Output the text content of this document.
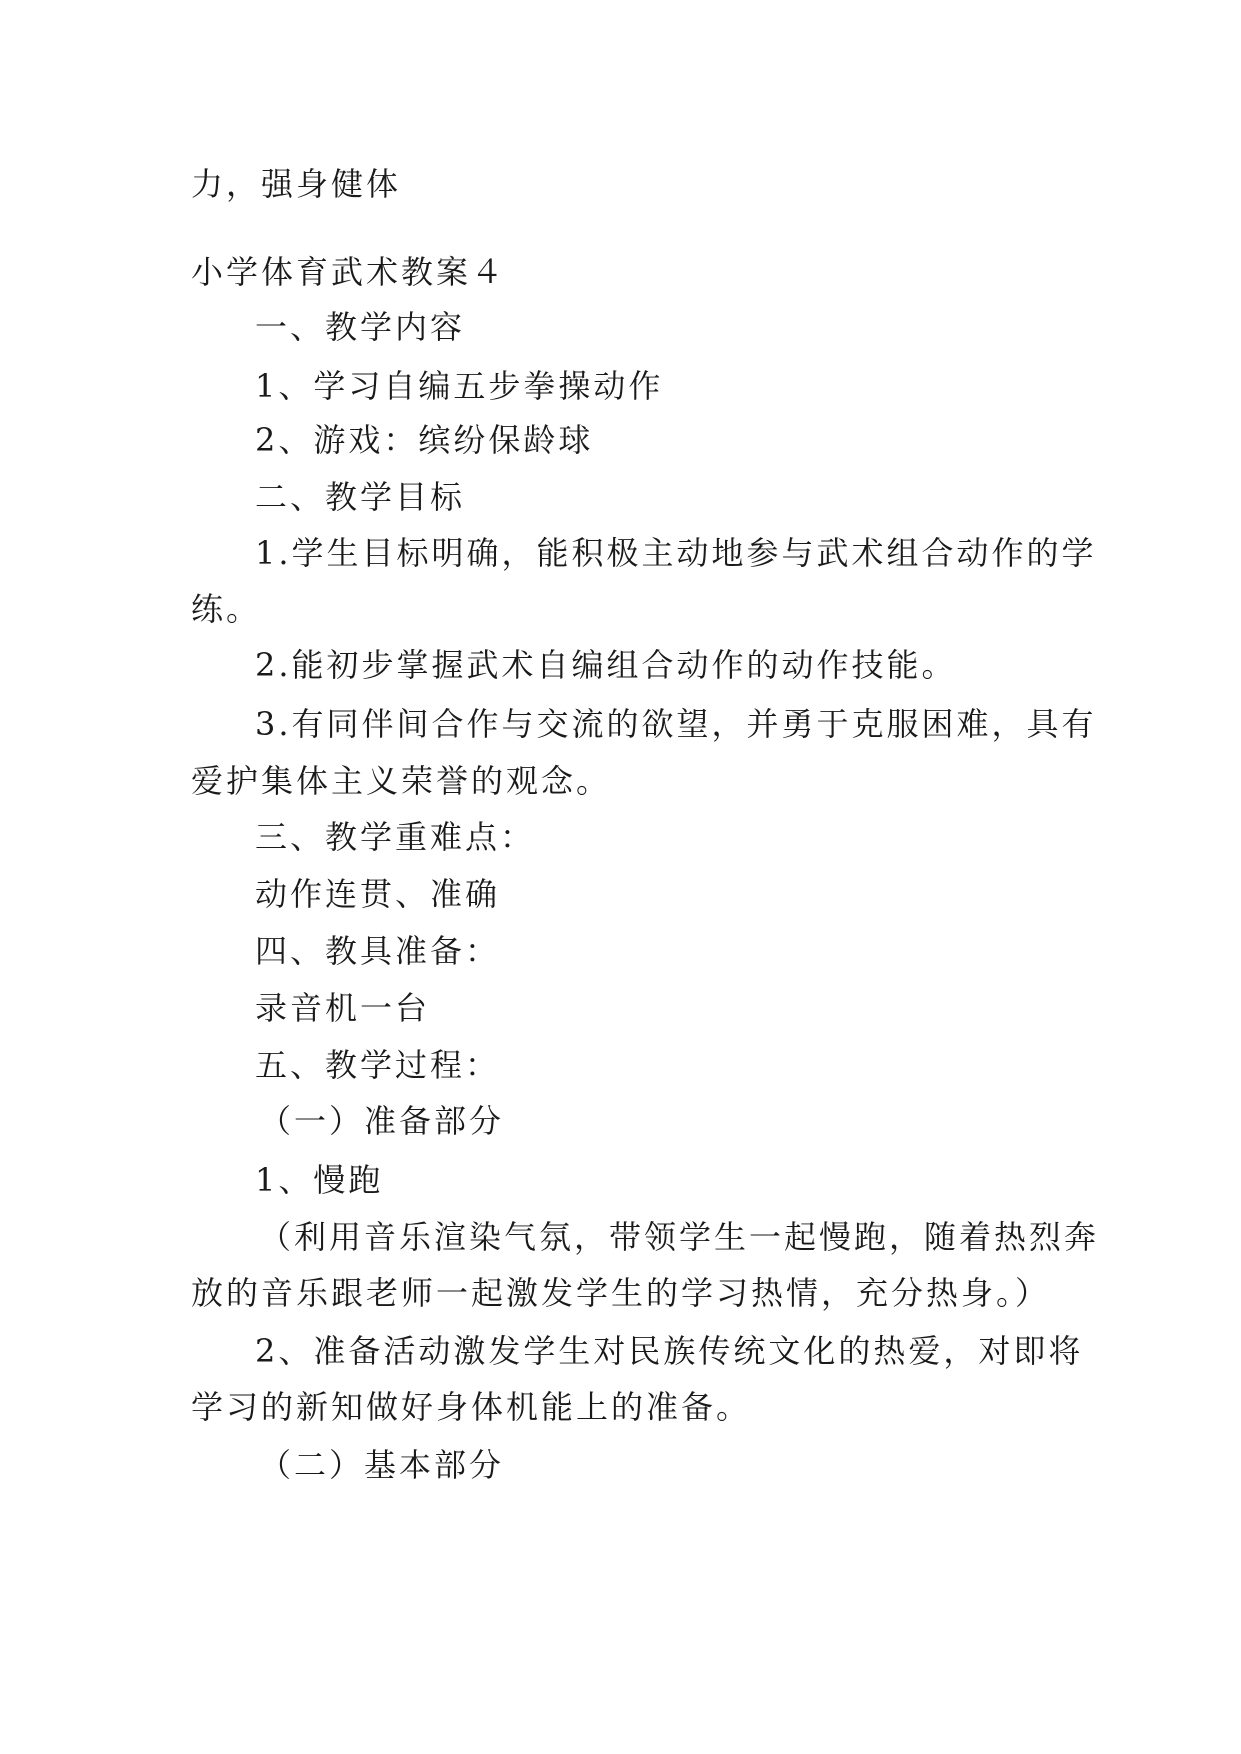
力，强身健体
小学体育武术教案４
一、教学内容
1、学习自编五步拳操动作
2、游戏：缤纷保龄球
二、教学目标
1.学生目标明确，能积极主动地参与武术组合动作的学
练。
2.能初步掌握武术自编组合动作的动作技能。
3.有同伴间合作与交流的欲望，并勇于克服困难，具有
爱护集体主义荣誉的观念。
三、教学重难点：
动作连贯、准确
四、教具准备：
录音机一台
五、教学过程：
（一）准备部分
1、慢跑
（利用音乐渲染气氛，带领学生一起慢跑，随着热烈奔
放的音乐跟老师一起激发学生的学习热情，充分热身。）
2、准备活动激发学生对民族传统文化的热爱，对即将
学习的新知做好身体机能上的准备。
（二）基本部分
